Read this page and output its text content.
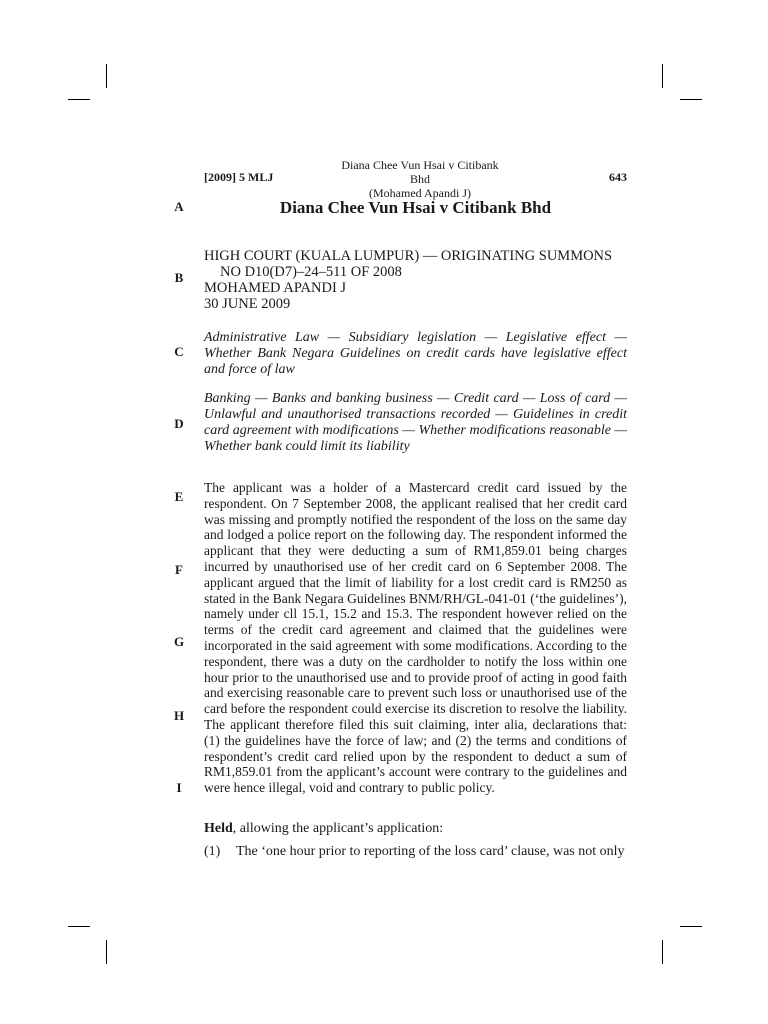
[2009] 5 MLJ
Diana Chee Vun Hsai v Citibank Bhd
(Mohamed Apandi J)
643
A
B
C
D
E
F
G
H
I
Diana Chee Vun Hsai v Citibank Bhd
HIGH COURT (KUALA LUMPUR) — ORIGINATING SUMMONS
NO D10(D7)–24–511 OF 2008
MOHAMED APANDI J
30 JUNE 2009

Administrative Law — Subsidiary legislation — Legislative effect — Whether Bank Negara Guidelines on credit cards have legislative effect and force of law

Banking — Banks and banking business — Credit card — Loss of card — Unlawful and unauthorised transactions recorded — Guidelines in credit card agreement with modifications — Whether modifications reasonable — Whether bank could limit its liability

The applicant was a holder of a Mastercard credit card issued by the respondent. On 7 September 2008, the applicant realised that her credit card was missing and promptly notified the respondent of the loss on the same day and lodged a police report on the following day. The respondent informed the applicant that they were deducting a sum of RM1,859.01 being charges incurred by unauthorised use of her credit card on 6 September 2008. The applicant argued that the limit of liability for a lost credit card is RM250 as stated in the Bank Negara Guidelines BNM/RH/GL-041-01 (‘the guidelines’), namely under cll 15.1, 15.2 and 15.3. The respondent however relied on the terms of the credit card agreement and claimed that the guidelines were incorporated in the said agreement with some modifications. According to the respondent, there was a duty on the cardholder to notify the loss within one hour prior to the unauthorised use and to provide proof of acting in good faith and exercising reasonable care to prevent such loss or unauthorised use of the card before the respondent could exercise its discretion to resolve the liability. The applicant therefore filed this suit claiming, inter alia, declarations that: (1) the guidelines have the force of law; and (2) the terms and conditions of respondent’s credit card relied upon by the respondent to deduct a sum of RM1,859.01 from the applicant’s account were contrary to the guidelines and were hence illegal, void and contrary to public policy.

Held, allowing the applicant’s application:

(1) The ‘one hour prior to reporting of the loss card’ clause, was not only
